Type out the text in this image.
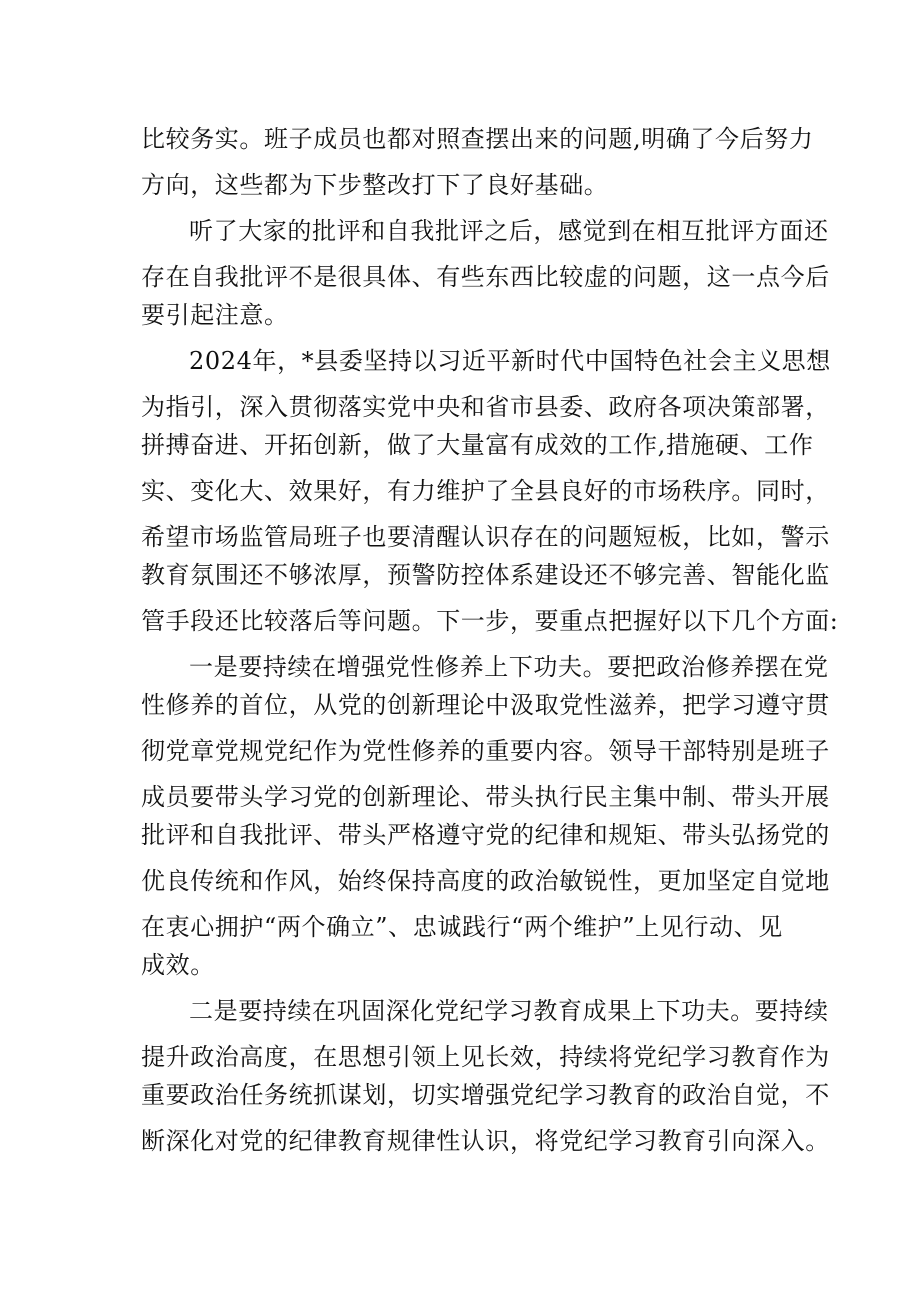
比较务实。班子成员也都对照查摆出来的问题,明确了今后努力
方向，这些都为下步整改打下了良好基础。
听了大家的批评和自我批评之后，感觉到在相互批评方面还
存在自我批评不是很具体、有些东西比较虚的问题，这一点今后
要引起注意。
2024年，*县委坚持以习近平新时代中国特色社会主义思想
为指引，深入贯彻落实党中央和省市县委、政府各项决策部署，
拼搏奋进、开拓创新，做了大量富有成效的工作,措施硬、工作
实、变化大、效果好，有力维护了全县良好的市场秩序。同时，
希望市场监管局班子也要清醒认识存在的问题短板，比如，警示
教育氛围还不够浓厚，预警防控体系建设还不够完善、智能化监
管手段还比较落后等问题。下一步，要重点把握好以下几个方面:
一是要持续在增强党性修养上下功夫。要把政治修养摆在党
性修养的首位，从党的创新理论中汲取党性滋养，把学习遵守贯
彻党章党规党纪作为党性修养的重要内容。领导干部特别是班子
成员要带头学习党的创新理论、带头执行民主集中制、带头开展
批评和自我批评、带头严格遵守党的纪律和规矩、带头弘扬党的
优良传统和作风，始终保持高度的政治敏锐性，更加坚定自觉地
在衷心拥护“两个确立”、忠诚践行“两个维护”上见行动、见
成效。
二是要持续在巩固深化党纪学习教育成果上下功夫。要持续
提升政治高度，在思想引领上见长效，持续将党纪学习教育作为
重要政治任务统抓谋划，切实增强党纪学习教育的政治自觉，不
断深化对党的纪律教育规律性认识，将党纪学习教育引向深入。
